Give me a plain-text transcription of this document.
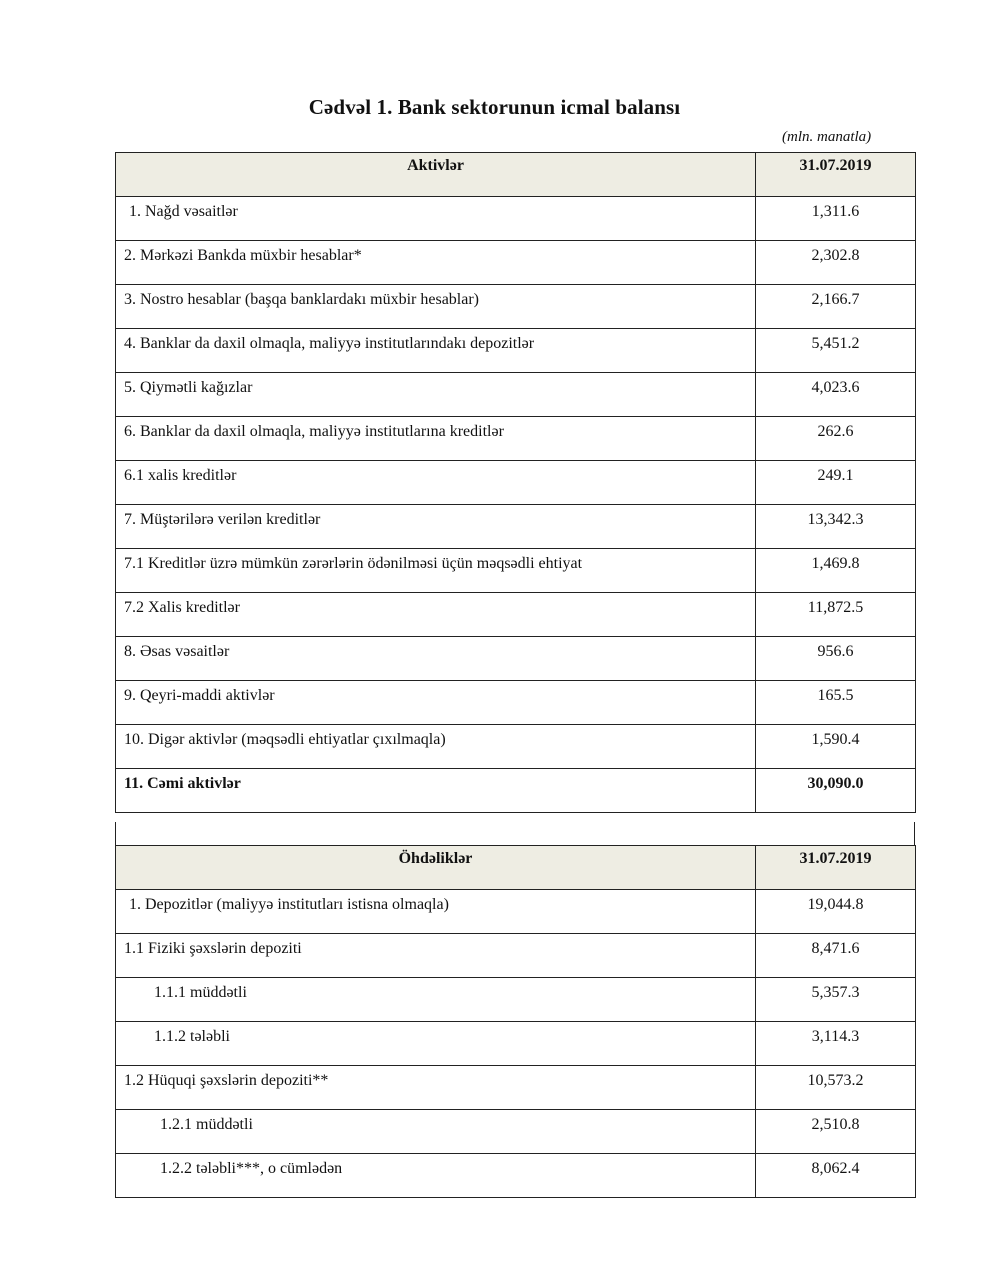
Cədvəl 1. Bank sektorunun icmal balansı
(mln. manatla)
Aktivlər	31.07.2019
1. Nağd vəsaitlər	1,311.6
2. Mərkəzi Bankda müxbir hesablar*	2,302.8
3. Nostro hesablar (başqa banklardakı müxbir hesablar)	2,166.7
4. Banklar da daxil olmaqla, maliyyə institutlarındakı depozitlər	5,451.2
5. Qiymətli kağızlar	4,023.6
6. Banklar da daxil olmaqla, maliyyə institutlarına kreditlər	262.6
6.1 xalis kreditlər	249.1
7. Müştərilərə verilən kreditlər	13,342.3
7.1 Kreditlər üzrə mümkün zərərlərin ödənilməsi üçün məqsədli ehtiyat	1,469.8
7.2 Xalis kreditlər	11,872.5
8. Əsas vəsaitlər	956.6
9. Qeyri-maddi aktivlər	165.5
10. Digər aktivlər (məqsədli ehtiyatlar çıxılmaqla)	1,590.4
11. Cəmi aktivlər	30,090.0
Öhdəliklər	31.07.2019
1. Depozitlər (maliyyə institutları istisna olmaqla)	19,044.8
1.1 Fiziki şəxslərin depoziti	8,471.6
1.1.1 müddətli	5,357.3
1.1.2 tələbli	3,114.3
1.2 Hüquqi şəxslərin depoziti**	10,573.2
1.2.1 müddətli	2,510.8
1.2.2 tələbli***, o cümlədən	8,062.4
